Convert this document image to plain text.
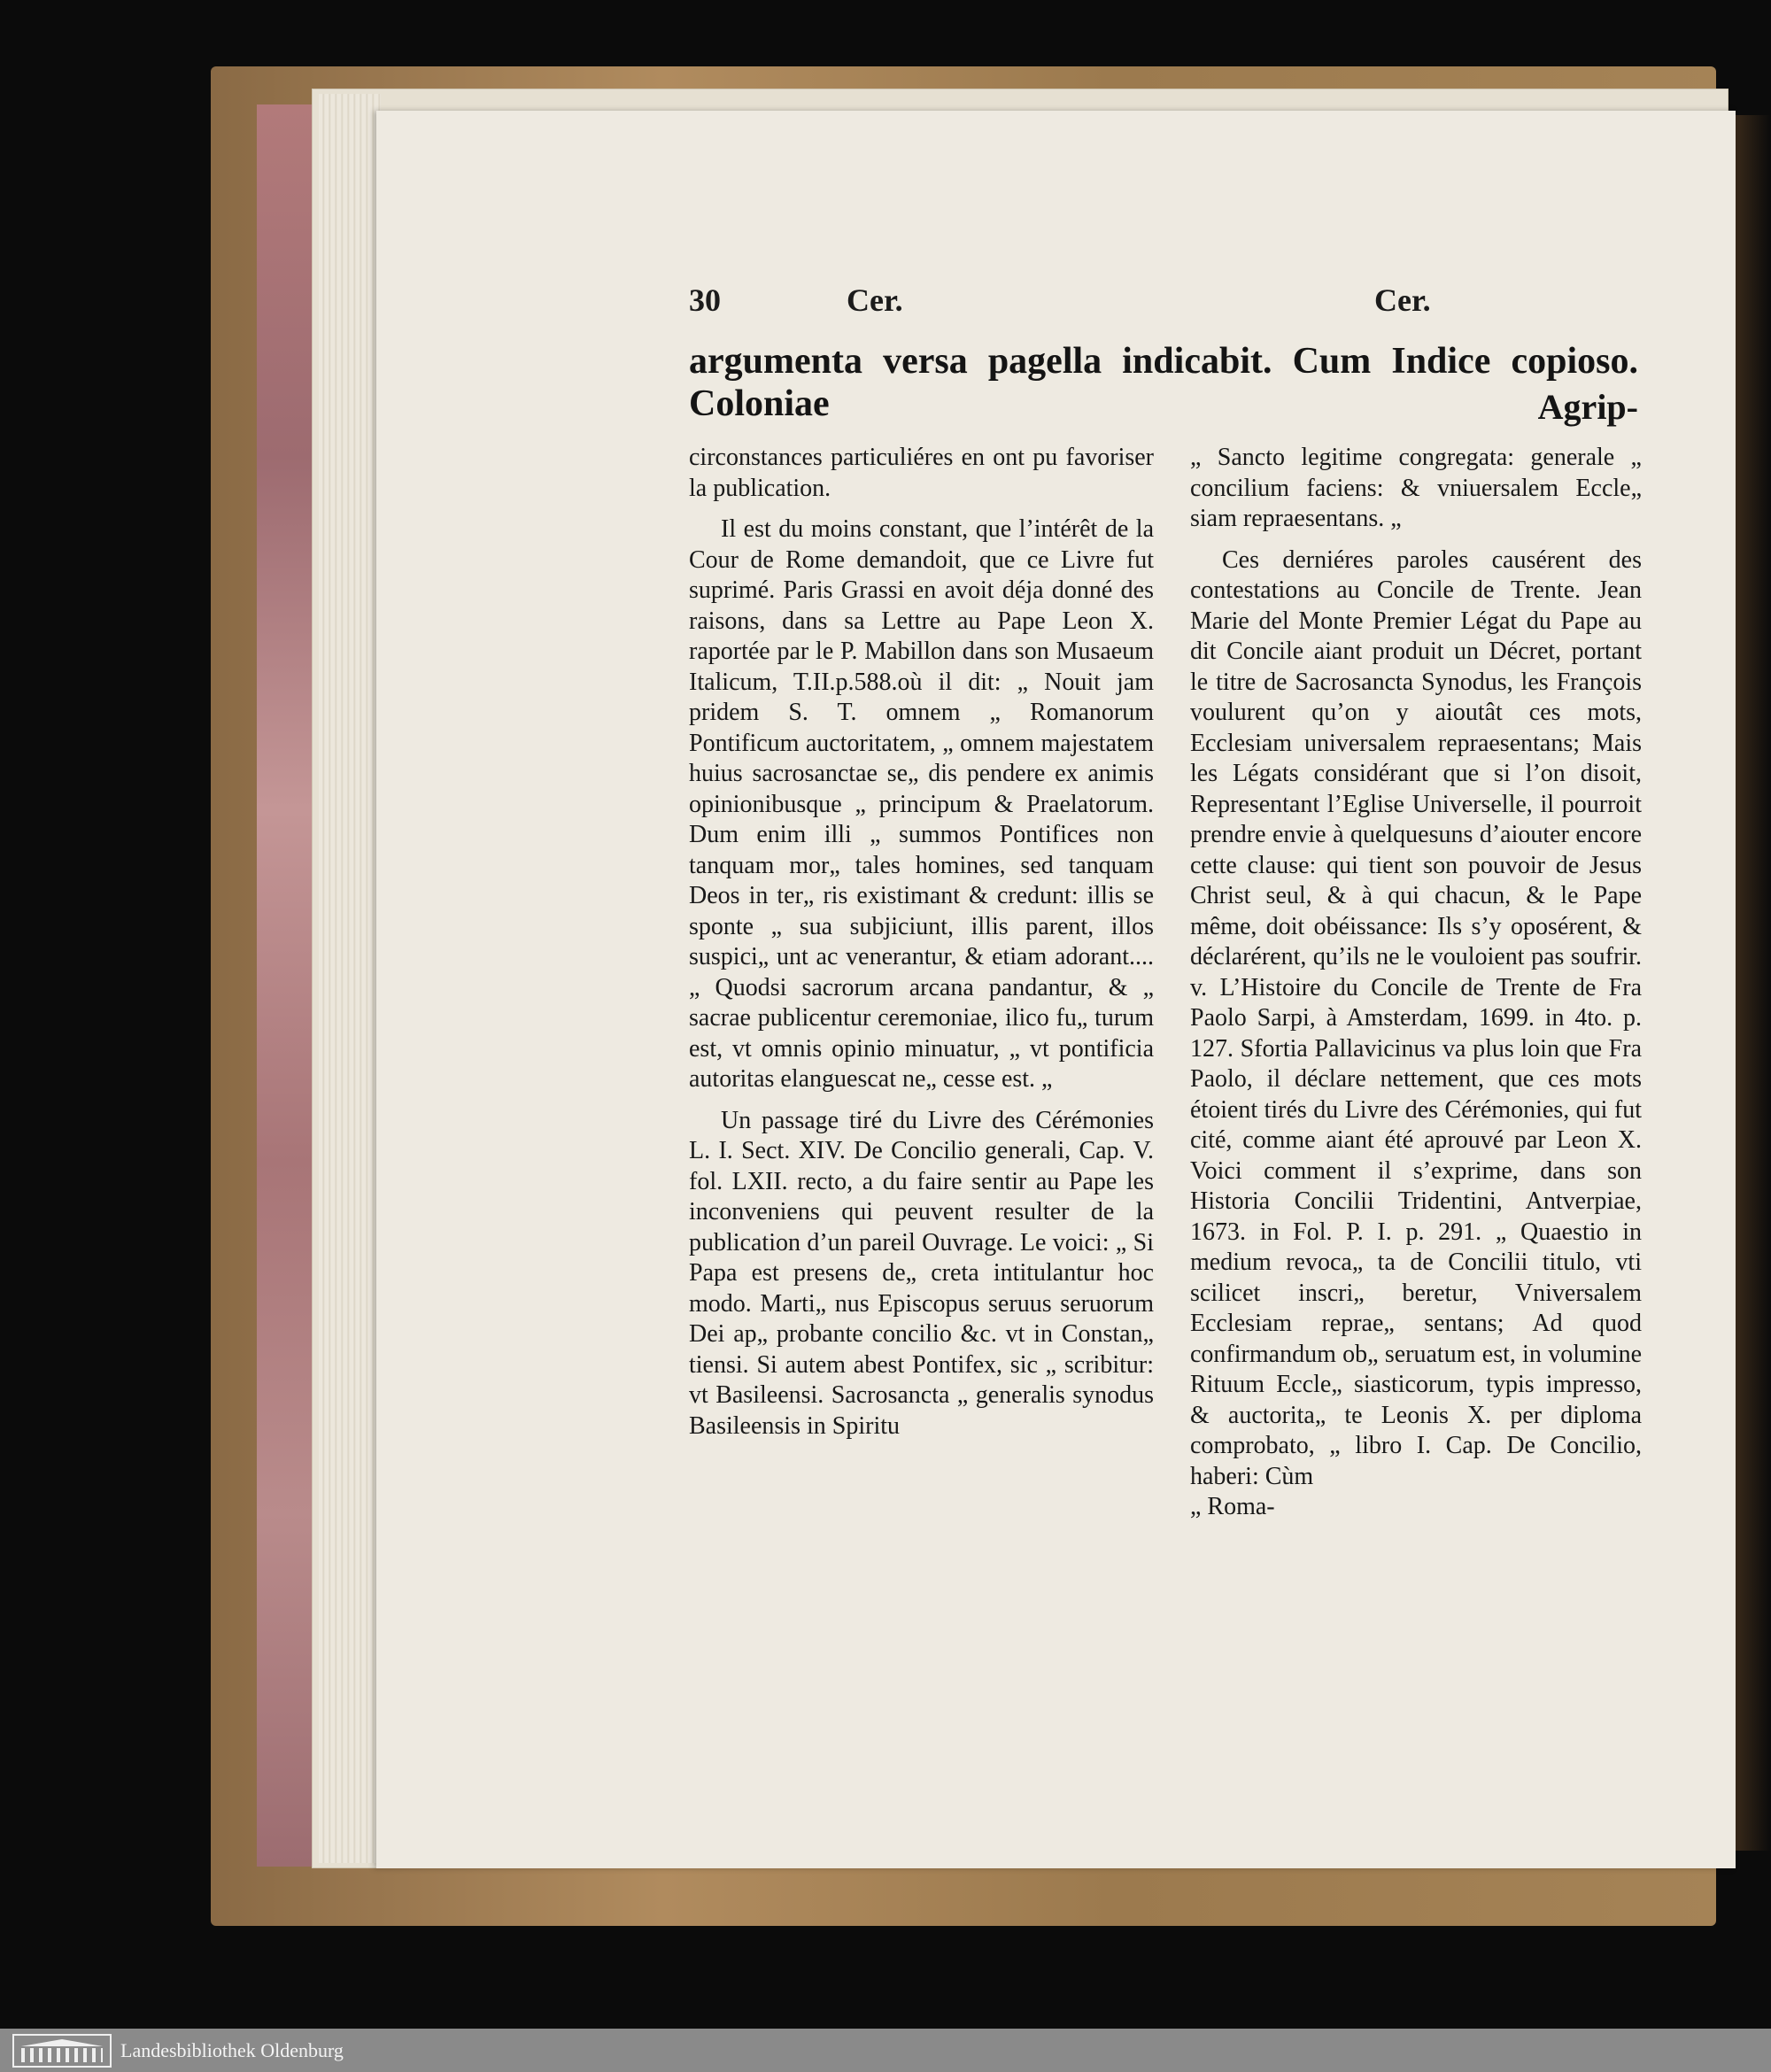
30	Cer.	Cer.
argumenta versa pagella indicabit. Cum Indice copioso. Coloniae	Agrip-

circonstances particuliéres en ont pu favoriser la publication.

Il est du moins constant, que l’intérêt de la Cour de Rome demandoit, que ce Livre fut suprimé. Paris Grassi en avoit déja donné des raisons, dans sa Lettre au Pape Leon X. raportée par le P. Mabillon dans son Musaeum Italicum, T.II.p.588.où il dit: „ Nouit jam pridem S. T. omnem „ Romanorum Pontificum auctoritatem, „ omnem majestatem huius sacrosanctae se„ dis pendere ex animis opinionibusque „ principum & Praelatorum. Dum enim illi „ summos Pontifices non tanquam mor„ tales homines, sed tanquam Deos in ter„ ris existimant & credunt: illis se sponte „ sua subjiciunt, illis parent, illos suspici„ unt ac venerantur, & etiam adorant.... „ Quodsi sacrorum arcana pandantur, & „ sacrae publicentur ceremoniae, ilico fu„ turum est, vt omnis opinio minuatur, „ vt pontificia autoritas elanguescat ne„ cesse est. „

Un passage tiré du Livre des Cérémonies L. I. Sect. XIV. De Concilio generali, Cap. V. fol. LXII. recto, a du faire sentir au Pape les inconveniens qui peuvent resulter de la publication d’un pareil Ouvrage. Le voici: „ Si Papa est presens de„ creta intitulantur hoc modo. Marti„ nus Episcopus seruus seruorum Dei ap„ probante concilio &c. vt in Constan„ tiensi. Si autem abest Pontifex, sic „ scribitur: vt Basileensi. Sacrosancta „ generalis synodus Basileensis in Spiritu

„ Sancto legitime congregata: generale „ concilium faciens: & vniuersalem Eccle„ siam repraesentans. „

Ces derniéres paroles causérent des contestations au Concile de Trente. Jean Marie del Monte Premier Légat du Pape au dit Concile aiant produit un Décret, portant le titre de Sacrosancta Synodus, les François voulurent qu’on y aioutât ces mots, Ecclesiam universalem repraesentans; Mais les Légats considérant que si l’on disoit, Representant l’Eglise Universelle, il pourroit prendre envie à quelquesuns d’aiouter encore cette clause: qui tient son pouvoir de Jesus Christ seul, & à qui chacun, & le Pape même, doit obéissance: Ils s’y oposérent, & déclarérent, qu’ils ne le vouloient pas soufrir. v. L’Histoire du Concile de Trente de Fra Paolo Sarpi, à Amsterdam, 1699. in 4to. p. 127. Sfortia Pallavicinus va plus loin que Fra Paolo, il déclare nettement, que ces mots étoient tirés du Livre des Cérémonies, qui fut cité, comme aiant été aprouvé par Leon X. Voici comment il s’exprime, dans son Historia Concilii Tridentini, Antverpiae, 1673. in Fol. P. I. p. 291. „ Quaestio in medium revoca„ ta de Concilii titulo, vti scilicet inscri„ beretur, Vniversalem Ecclesiam reprae„ sentans; Ad quod confirmandum ob„ seruatum est, in volumine Rituum Eccle„ siasticorum, typis impresso, & auctorita„ te Leonis X. per diploma comprobato, „ libro I. Cap. De Concilio, haberi: Cùm

„ Roma-

Landesbibliothek Oldenburg
